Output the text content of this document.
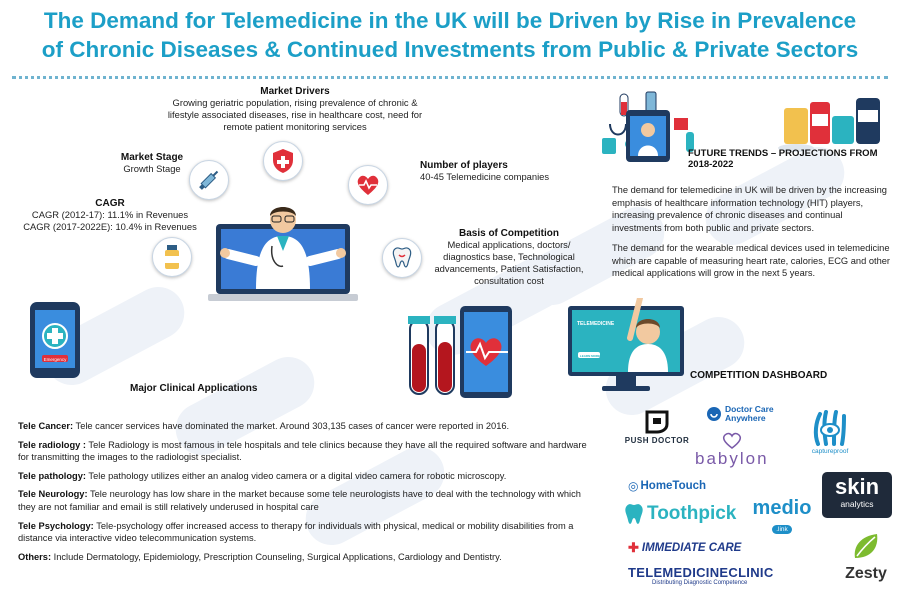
The Demand for Telemedicine in the UK will be Driven by Rise in Prevalence
of Chronic Diseases & Continued Investments from Public & Private Sectors
Market Drivers
Growing geriatric population, rising prevalence of chronic & lifestyle associated diseases, rise in healthcare cost, need for remote patient monitoring services
Market Stage
Growth Stage
CAGR
CAGR (2012-17): 11.1% in Revenues
CAGR (2017-2022E): 10.4% in Revenues
Number of players
40-45 Telemedicine companies
Basis of Competition
Medical applications, doctors/ diagnostics base, Technological advancements, Patient Satisfaction, consultation cost
Emergency
Major Clinical Applications
Tele Cancer: Tele cancer services have dominated the market. Around 303,135 cases of cancer were reported in 2016.
Tele radiology : Tele Radiology is most famous in tele hospitals and tele clinics because they have all the required software and hardware for transmitting the images to the radiologist specialist.
Tele pathology: Tele pathology utilizes either an analog video camera or a digital video camera for robotic microscopy.
Tele Neurology: Tele neurology has low share in the market because some tele neurologists have to deal with the technology with which they are not familiar and email is still relatively underused in hospital care
Tele Psychology: Tele-psychology offer increased access to therapy for individuals with physical, medical or mobility disabilities from a distance via interactive video telecommunication systems.
Others: Include Dermatology, Epidemiology, Prescription Counseling, Surgical Applications, Cardiology and Dentistry.
FUTURE TRENDS – PROJECTIONS FROM
2018-2022
The demand for telemedicine in UK will be driven by the increasing emphasis of healthcare information technology (HIT) players, increasing prevalence of chronic diseases and continual investments from both public and private sectors.
The demand for the wearable medical devices used in telemedicine which are capable of measuring heart rate, calories, ECG and other medical applications will grow in the next 5 years.
TELEMEDICINE
LEARN MORE
COMPETITION DASHBOARD
PUSH DOCTOR
Doctor Care
Anywhere
babylon	captureproof
◎ HomeTouch	skin
analytics
Toothpick medio
.link
✚ IMMEDIATE CARE
Zesty
TELEMEDICINECLINIC
Distributing Diagnostic Competence
